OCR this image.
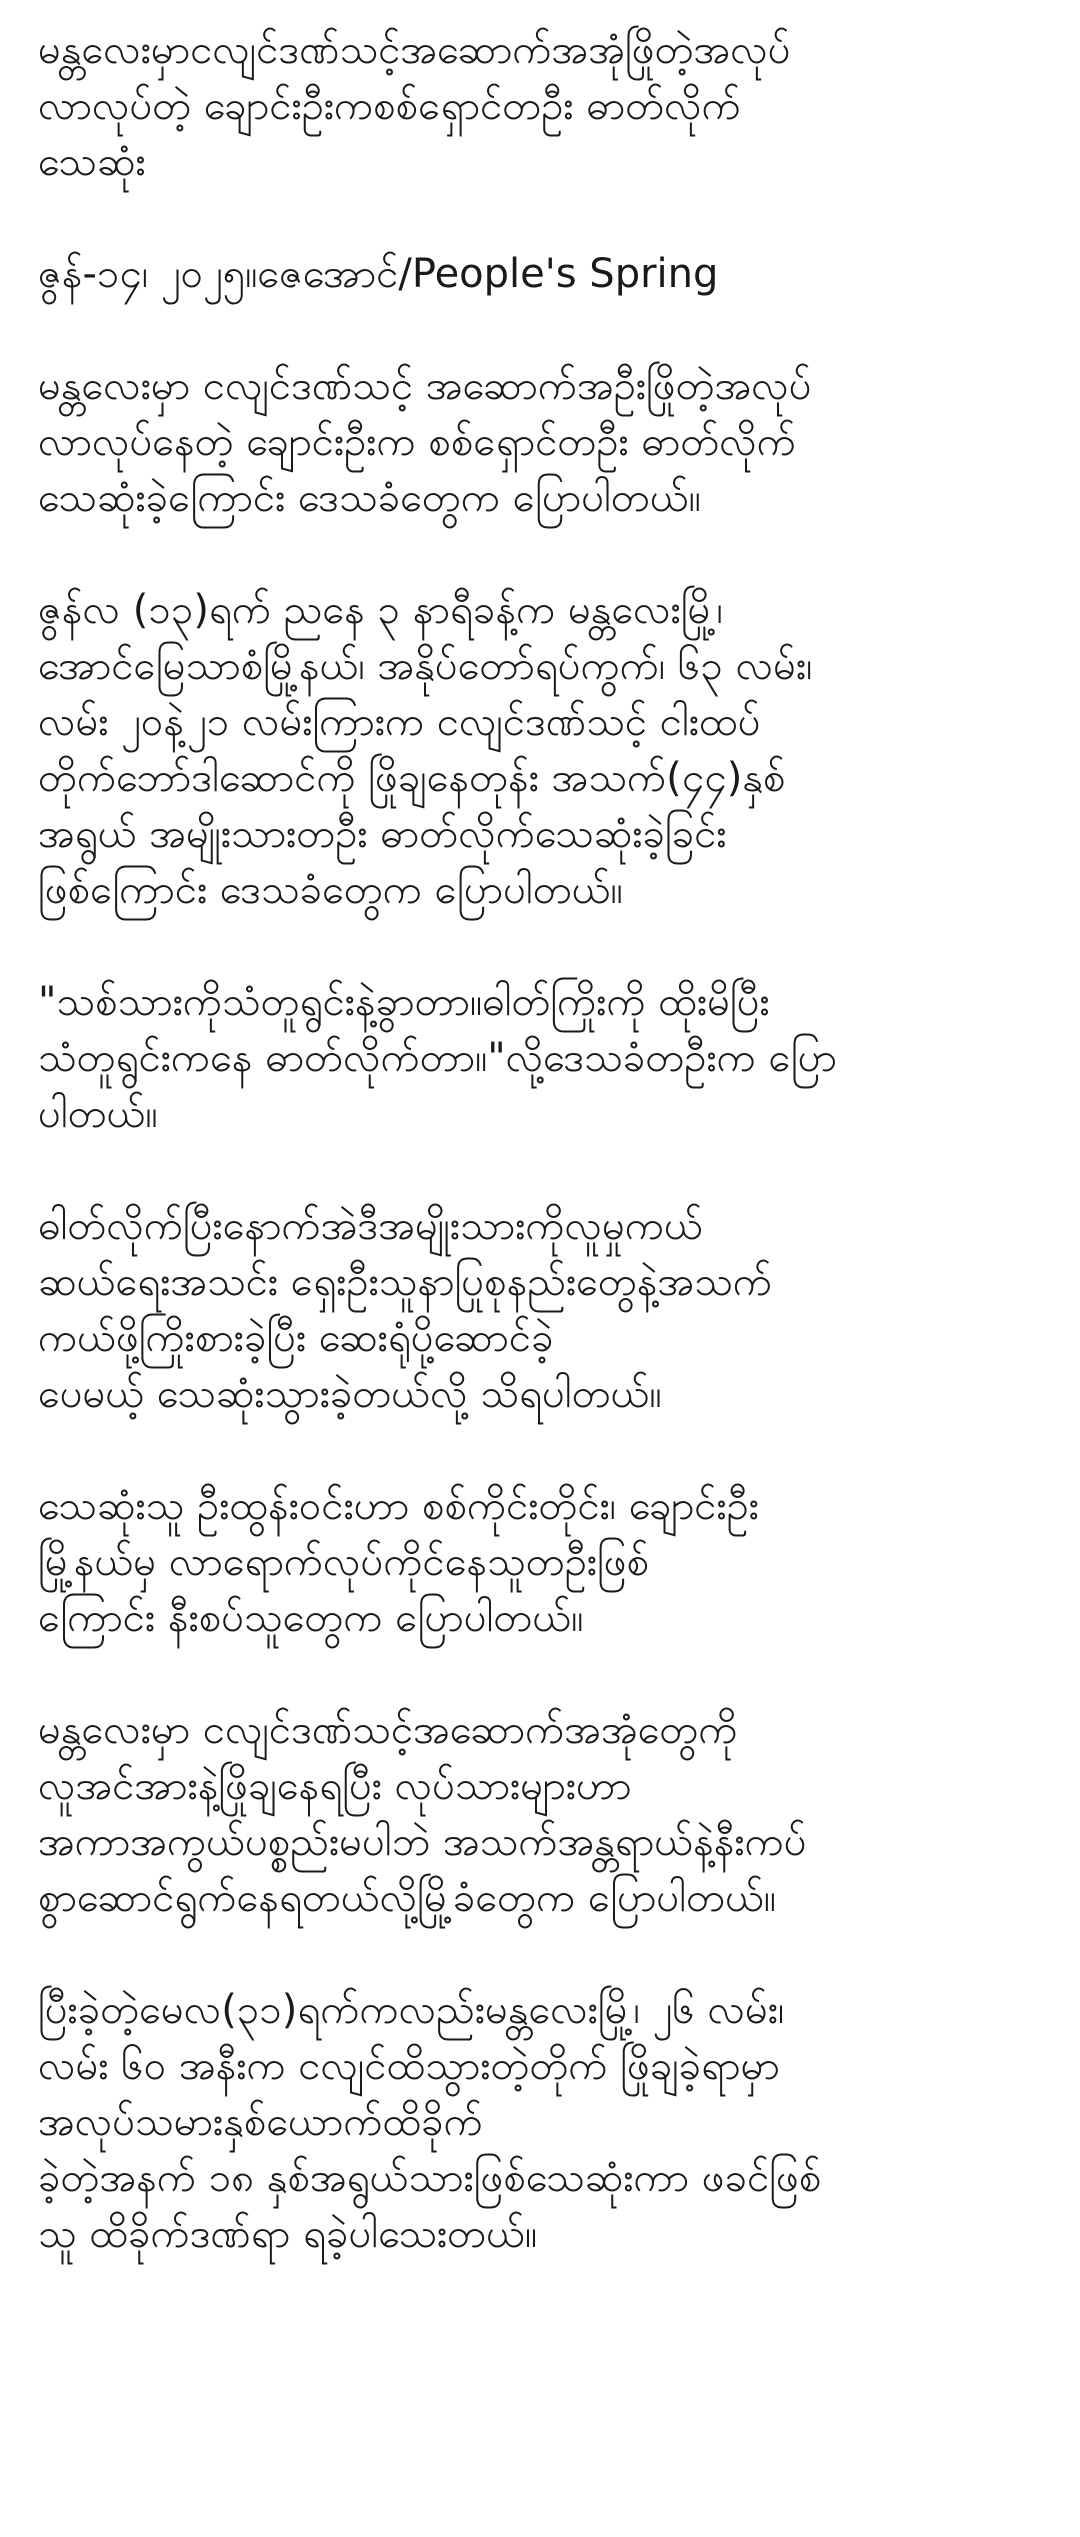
မန္တလေးမှာငလျင်ဒဏ်သင့်အဆောက်အအုံဖြိုတဲ့အလုပ်
လာလုပ်တဲ့ ချောင်းဦးကစစ်ရှောင်တဦး ဓာတ်လိုက်
သေဆုံး

ဇွန်-၁၄၊ ၂၀၂၅။ဇေအောင်/People's Spring

မန္တလေးမှာ ငလျင်ဒဏ်သင့် အဆောက်အဦးဖြိုတဲ့အလုပ်
လာလုပ်နေတဲ့ ချောင်းဦးက စစ်ရှောင်တဦး ဓာတ်လိုက်
သေဆုံးခဲ့ကြောင်း ဒေသခံတွေက ပြောပါတယ်။

ဇွန်လ (၁၃)ရက် ညနေ ၃ နာရီခန့်က မန္တလေးမြို့၊
အောင်မြေသာစံမြို့နယ်၊ အနိုပ်တော်ရပ်ကွက်၊ ၆၃ လမ်း၊
လမ်း ၂၀နဲ့၂၁ လမ်းကြားက ငလျင်ဒဏ်သင့် ငါးထပ်
တိုက်ဘော်ဒါဆောင်ကို ဖြိုချနေတုန်း အသက်(၄၄)နှစ်
အရွယ် အမျိုးသားတဦး ဓာတ်လိုက်သေဆုံးခဲ့ခြင်း
ဖြစ်ကြောင်း ဒေသခံတွေက ပြောပါတယ်။

"သစ်သားကိုသံတူရွင်းနဲ့ခွာတာ။ဓါတ်ကြိုးကို ထိုးမိပြီး
သံတူရွင်းကနေ ဓာတ်လိုက်တာ။"လို့ဒေသခံတဦးက ပြော
ပါတယ်။

ဓါတ်လိုက်ပြီးနောက်အဲဒီအမျိုးသားကိုလူမှုကယ်
ဆယ်ရေးအသင်း ရှေးဦးသူနာပြုစုနည်းတွေနဲ့အသက်
ကယ်ဖို့ကြိုးစားခဲ့ပြီး ဆေးရုံပို့ဆောင်ခဲ့
ပေမယ့် သေဆုံးသွားခဲ့တယ်လို့ သိရပါတယ်။

သေဆုံးသူ ဦးထွန်းဝင်းဟာ စစ်ကိုင်းတိုင်း၊ ချောင်းဦး
မြို့နယ်မှ လာရောက်လုပ်ကိုင်နေသူတဦးဖြစ်
ကြောင်း နီးစပ်သူတွေက ပြောပါတယ်။

မန္တလေးမှာ ငလျင်ဒဏ်သင့်အဆောက်အအုံတွေကို
လူအင်အားနဲ့ဖြိုချနေရပြီး လုပ်သားများဟာ
အကာအကွယ်ပစ္စည်းမပါဘဲ အသက်အန္တရာယ်နဲ့နီးကပ်
စွာဆောင်ရွက်နေရတယ်လို့မြို့ခံတွေက ပြောပါတယ်။

ပြီးခဲ့တဲ့မေလ(၃၁)ရက်ကလည်းမန္တလေးမြို့၊ ၂၆ လမ်း၊
လမ်း ၆၀ အနီးက ငလျင်ထိသွားတဲ့တိုက် ဖြိုချခဲ့ရာမှာ
အလုပ်သမားနှစ်ယောက်ထိခိုက်
ခဲ့တဲ့အနက် ၁၈ နှစ်အရွယ်သားဖြစ်သေဆုံးကာ ဖခင်ဖြစ်
သူ ထိခိုက်ဒဏ်ရာ ရခဲ့ပါသေးတယ်။
